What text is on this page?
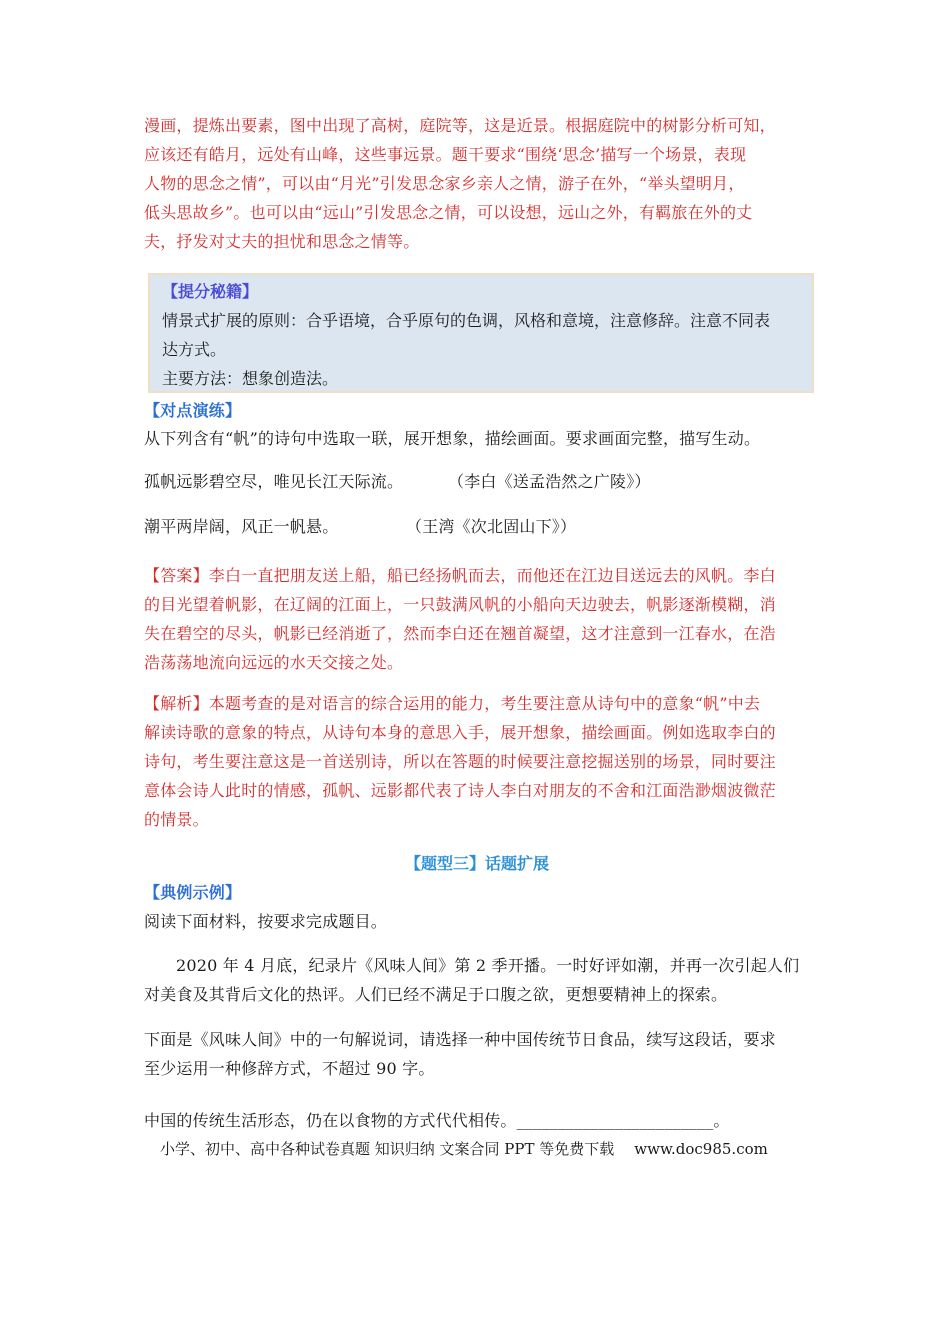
漫画，提炼出要素，图中出现了高树，庭院等，这是近景。根据庭院中的树影分析可知，

应该还有皓月，远处有山峰，这些事远景。题干要求“围绕‘思念’描写一个场景，表现

人物的思念之情”，可以由“月光”引发思念家乡亲人之情，游子在外，“举头望明月，

低头思故乡”。也可以由“远山”引发思念之情，可以设想，远山之外，有羁旅在外的丈

夫，抒发对丈夫的担忧和思念之情等。

【提分秘籍】

情景式扩展的原则：合乎语境，合乎原句的色调，风格和意境，注意修辞。注意不同表

达方式。

主要方法：想象创造法。

【对点演练】

从下列含有“帆”的诗句中选取一联，展开想象，描绘画面。要求画面完整，描写生动。

孤帆远影碧空尽，唯见长江天际流。	（李白《送孟浩然之广陵》）

潮平两岸阔，风正一帆悬。	（王湾《次北固山下》）

【答案】李白一直把朋友送上船，船已经扬帆而去，而他还在江边目送远去的风帆。李白

的目光望着帆影，在辽阔的江面上，一只鼓满风帆的小船向天边驶去，帆影逐渐模糊，消

失在碧空的尽头，帆影已经消逝了，然而李白还在翘首凝望，这才注意到一江春水，在浩

浩荡荡地流向远远的水天交接之处。

【解析】本题考查的是对语言的综合运用的能力，考生要注意从诗句中的意象“帆”中去

解读诗歌的意象的特点，从诗句本身的意思入手，展开想象，描绘画面。例如选取李白的

诗句，考生要注意这是一首送别诗，所以在答题的时候要注意挖掘送别的场景，同时要注

意体会诗人此时的情感，孤帆、远影都代表了诗人李白对朋友的不舍和江面浩渺烟波微茫

的情景。

【题型三】话题扩展

【典例示例】

阅读下面材料，按要求完成题目。

2020 年 4 月底，纪录片《风味人间》第 2 季开播。一时好评如潮，并再一次引起人们

对美食及其背后文化的热评。人们已经不满足于口腹之欲，更想要精神上的探索。

下面是《风味人间》中的一句解说词，请选择一种中国传统节日食品，续写这段话，要求

至少运用一种修辞方式，不超过 90 字。

中国的传统生活形态，仍在以食物的方式代代相传。________________________。

小学、初中、高中各种试卷真题 知识归纳 文案合同 PPT 等免费下载 www.doc985.com
